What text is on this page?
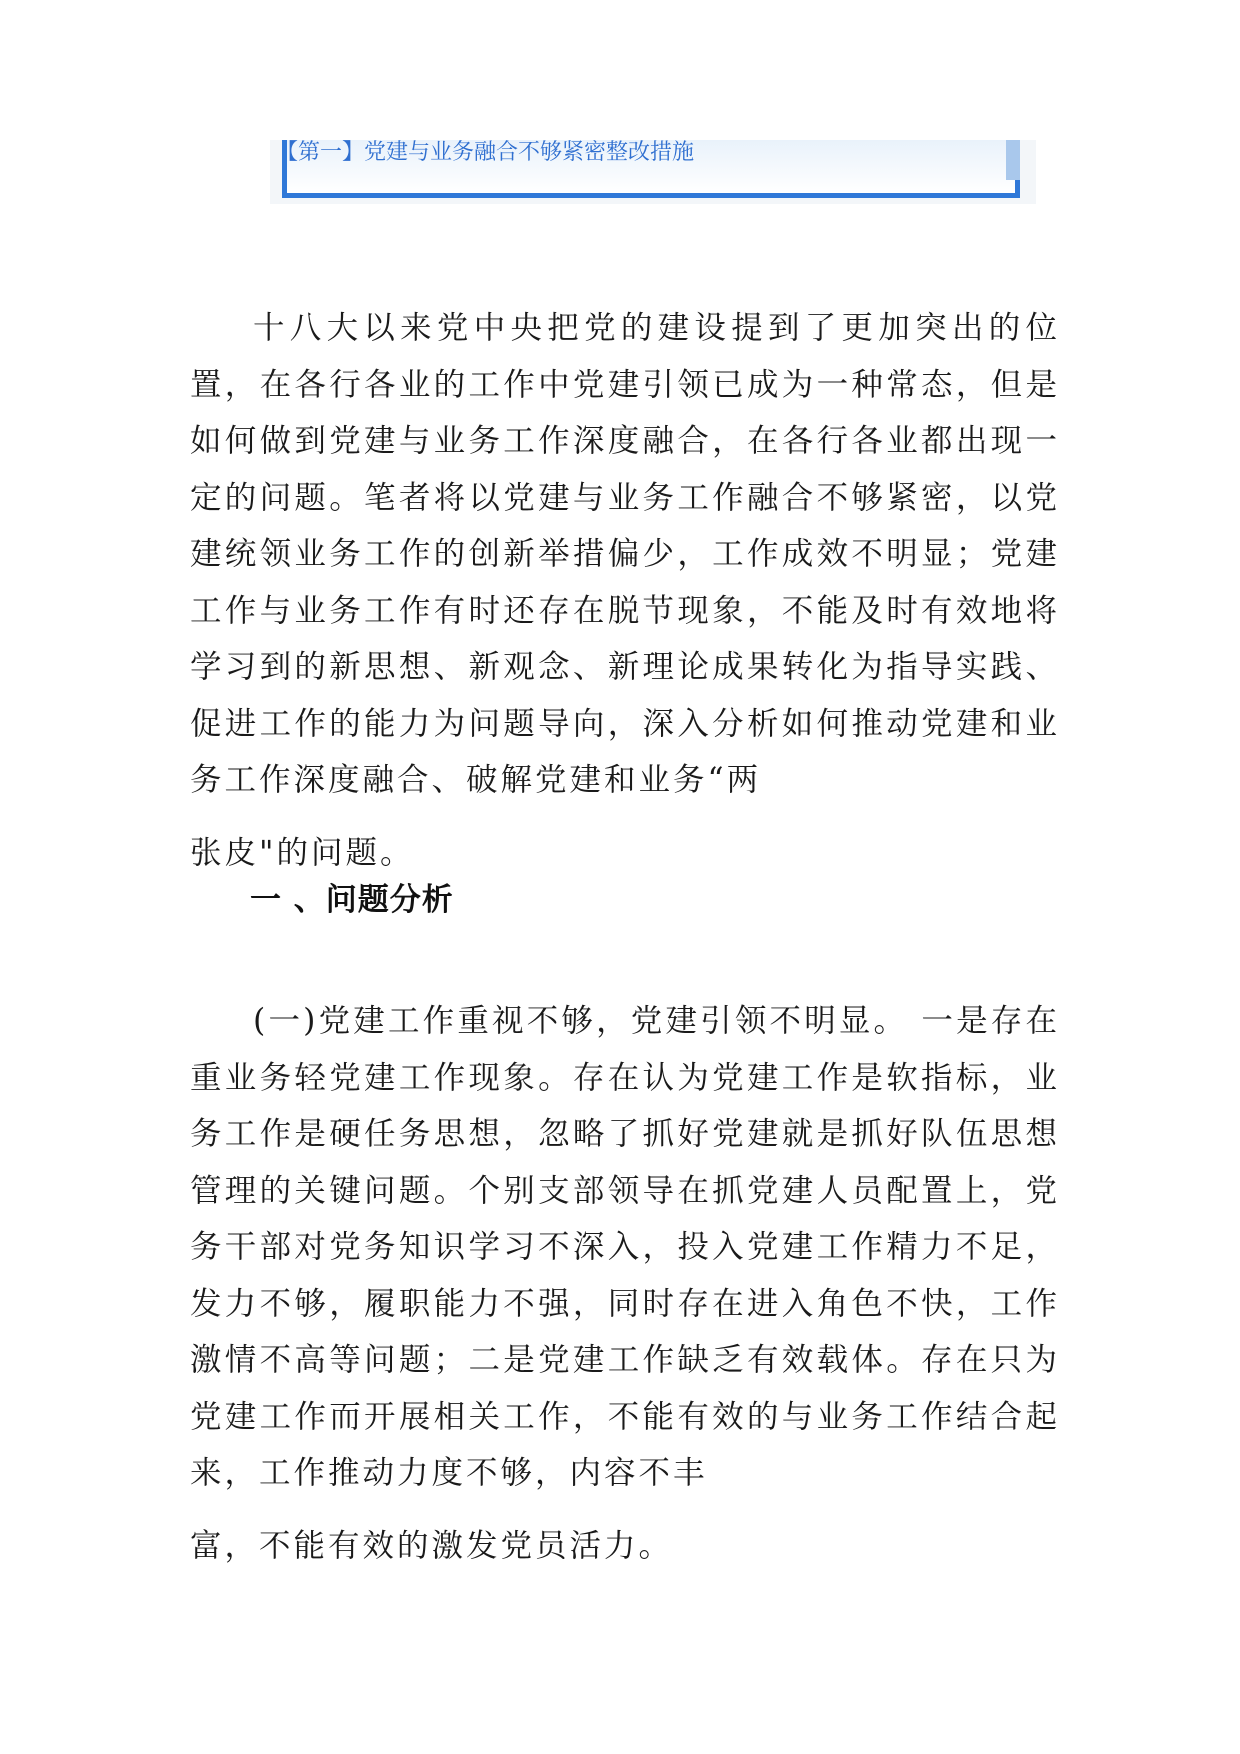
【第一】党建与业务融合不够紧密整改措施

十八大以来党中央把党的建设提到了更加突出的位置，在各行各业的工作中党建引领已成为一种常态，但是如何做到党建与业务工作深度融合，在各行各业都出现一定的问题。笔者将以党建与业务工作融合不够紧密，以党建统领业务工作的创新举措偏少，工作成效不明显；党建工作与业务工作有时还存在脱节现象，不能及时有效地将学习到的新思想、新观念、新理论成果转化为指导实践、促进工作的能力为问题导向，深入分析如何推动党建和业务工作深度融合、破解党建和业务“两
张皮"的问题。

一 、问题分析

(一)党建工作重视不够，党建引领不明显。 一是存在重业务轻党建工作现象。存在认为党建工作是软指标，业务工作是硬任务思想，忽略了抓好党建就是抓好队伍思想管理的关键问题。个别支部领导在抓党建人员配置上，党务干部对党务知识学习不深入，投入党建工作精力不足，发力不够，履职能力不强，同时存在进入角色不快，工作激情不高等问题；二是党建工作缺乏有效载体。存在只为党建工作而开展相关工作，不能有效的与业务工作结合起来，工作推动力度不够，内容不丰
富，不能有效的激发党员活力。
